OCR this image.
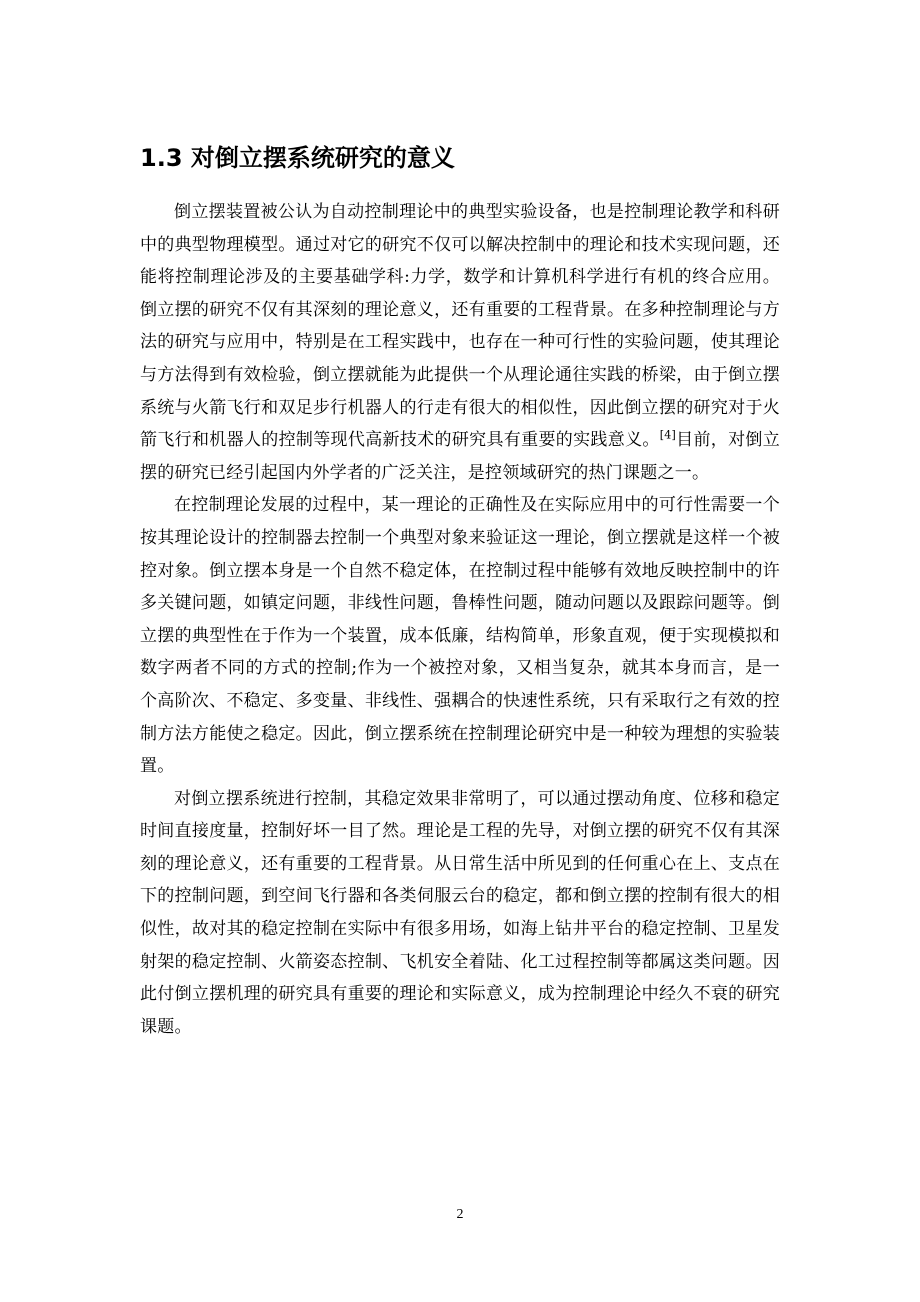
1.3 对倒立摆系统研究的意义

倒立摆装置被公认为自动控制理论中的典型实验设备，也是控制理论教学和科研中的典型物理模型。通过对它的研究不仅可以解决控制中的理论和技术实现问题，还能将控制理论涉及的主要基础学科:力学，数学和计算机科学进行有机的终合应用。倒立摆的研究不仅有其深刻的理论意义，还有重要的工程背景。在多种控制理论与方法的研究与应用中，特别是在工程实践中，也存在一种可行性的实验问题，使其理论与方法得到有效检验，倒立摆就能为此提供一个从理论通往实践的桥梁，由于倒立摆系统与火箭飞行和双足步行机器人的行走有很大的相似性，因此倒立摆的研究对于火箭飞行和机器人的控制等现代高新技术的研究具有重要的实践意义。[4]目前，对倒立摆的研究已经引起国内外学者的广泛关注，是控领域研究的热门课题之一。

在控制理论发展的过程中，某一理论的正确性及在实际应用中的可行性需要一个按其理论设计的控制器去控制一个典型对象来验证这一理论，倒立摆就是这样一个被控对象。倒立摆本身是一个自然不稳定体，在控制过程中能够有效地反映控制中的许多关键问题，如镇定问题，非线性问题，鲁棒性问题，随动问题以及跟踪问题等。倒立摆的典型性在于作为一个装置，成本低廉，结构简单，形象直观，便于实现模拟和数字两者不同的方式的控制;作为一个被控对象，又相当复杂，就其本身而言，是一个高阶次、不稳定、多变量、非线性、强耦合的快速性系统，只有采取行之有效的控制方法方能使之稳定。因此，倒立摆系统在控制理论研究中是一种较为理想的实验装置。

对倒立摆系统进行控制，其稳定效果非常明了，可以通过摆动角度、位移和稳定时间直接度量，控制好坏一目了然。理论是工程的先导，对倒立摆的研究不仅有其深刻的理论意义，还有重要的工程背景。从日常生活中所见到的任何重心在上、支点在下的控制问题，到空间飞行器和各类伺服云台的稳定，都和倒立摆的控制有很大的相似性，故对其的稳定控制在实际中有很多用场，如海上钻井平台的稳定控制、卫星发射架的稳定控制、火箭姿态控制、飞机安全着陆、化工过程控制等都属这类问题。因此付倒立摆机理的研究具有重要的理论和实际意义，成为控制理论中经久不衰的研究课题。

2
